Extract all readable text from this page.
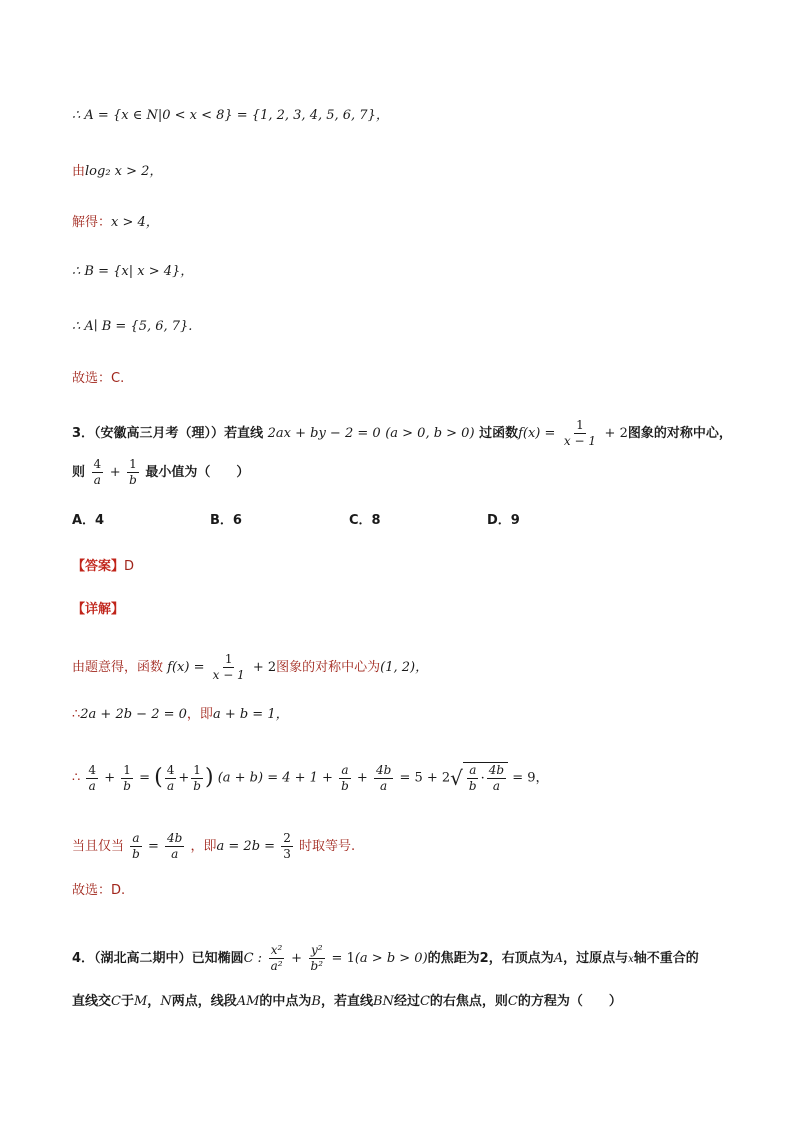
∴ A = {x ∈ N|0 < x < 8} = {1, 2, 3, 4, 5, 6, 7}，
由log₂ x > 2，
解得：x > 4，
∴ B = {x| x > 4}，
∴ A∣ B = {5, 6, 7}.
故选：C.
3．（安徽高三月考（理））若直线 2ax + by − 2 = 0 (a > 0, b > 0) 过函数$f(x) = \frac{1}{x - 1} + 2$图象的对称中心，
则 $\frac{4}{a} + \frac{1}{b}$ 最小值为（　　）
A．4	B．6	C．8	D．9
【答案】D
【详解】
由题意得，函数 $f(x) = \frac{1}{x - 1} + 2$图象的对称中心为(1, 2)，
∴2a + 2b − 2 = 0，即a + b = 1，
∴ $\frac{4}{a} + \frac{1}{b}$ = ( $\frac{4}{a} + \frac{1}{b}$ ) $(a + b) = 4 + 1 + \frac{a}{b} + \frac{4b}{a} = 5 + 2√ \frac{a}{b} \cdot \frac{4b}{a} = 9$，
当且仅当 $\frac{a}{b} = \frac{4b}{a}$ ，即$a = 2b = \frac{2}{3}$ 时取等号.
故选：D.
4．（湖北高二期中）已知椭圆C : $\frac{\text{x²}}{\text{a²}} + \frac{\text{y²}}{\text{b²}} = 1(a > b > 0)$的焦距为2，右顶点为A，过原点与x轴不重合的
直线交C于M，N两点，线段AM的中点为B，若直线BN经过C的右焦点，则C的方程为（　　）
